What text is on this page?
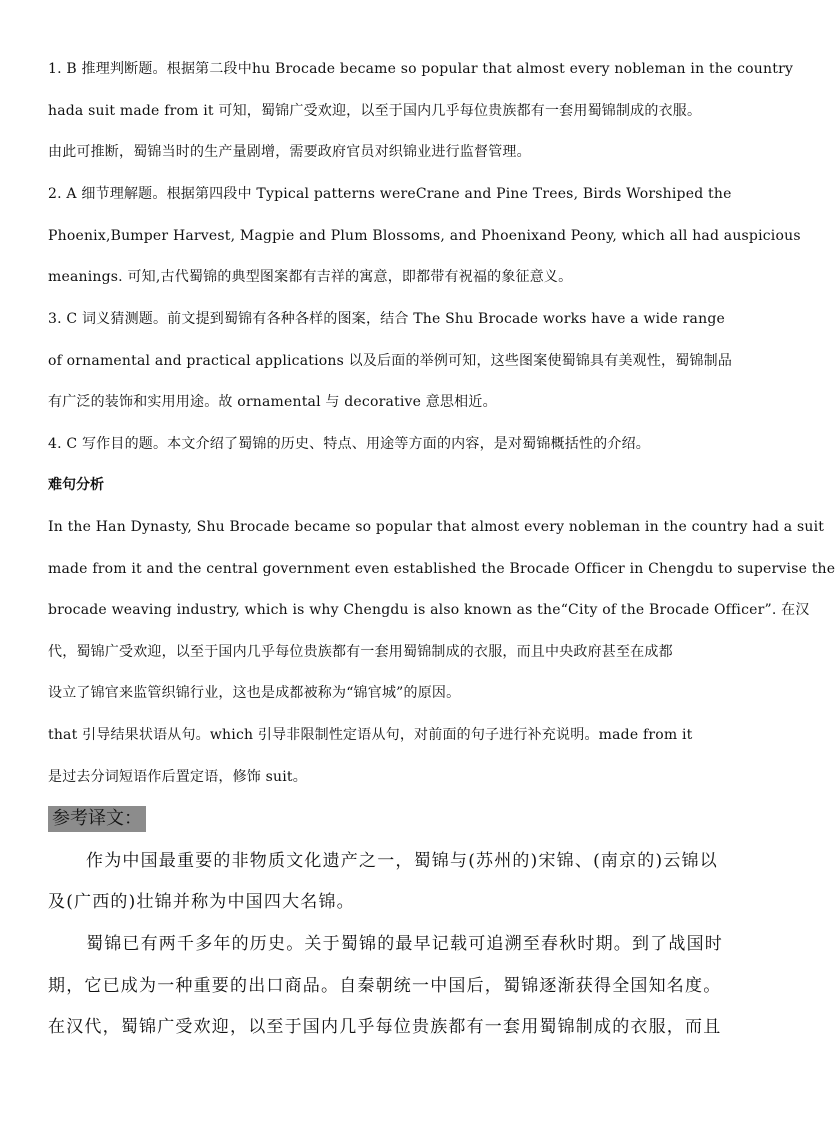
1. B 推理判断题。根据第二段中hu Brocade became so popular that almost every nobleman in the country
hada suit made from it 可知，蜀锦广受欢迎，以至于国内几乎每位贵族都有一套用蜀锦制成的衣服。
由此可推断，蜀锦当时的生产量剧增，需要政府官员对织锦业进行监督管理。
2. A 细节理解题。根据第四段中 Typical patterns wereCrane and Pine Trees, Birds Worshiped the
Phoenix,Bumper Harvest, Magpie and Plum Blossoms, and Phoenixand Peony, which all had auspicious
meanings. 可知,古代蜀锦的典型图案都有吉祥的寓意，即都带有祝福的象征意义。
3. C 词义猜测题。前文提到蜀锦有各种各样的图案，结合 The Shu Brocade works have a wide range
of ornamental and practical applications 以及后面的举例可知，这些图案使蜀锦具有美观性，蜀锦制品
有广泛的装饰和实用用途。故 ornamental 与 decorative 意思相近。
4. C 写作目的题。本文介绍了蜀锦的历史、特点、用途等方面的内容，是对蜀锦概括性的介绍。
难句分析
In the Han Dynasty, Shu Brocade became so popular that almost every nobleman in the country had a suit
made from it and the central government even established the Brocade Officer in Chengdu to supervise the
brocade weaving industry, which is why Chengdu is also known as the“City of the Brocade Officer”. 在汉
代，蜀锦广受欢迎，以至于国内几乎每位贵族都有一套用蜀锦制成的衣服，而且中央政府甚至在成都
设立了锦官来监管织锦行业，这也是成都被称为“锦官城”的原因。
that 引导结果状语从句。which 引导非限制性定语从句，对前面的句子进行补充说明。made from it
是过去分词短语作后置定语，修饰 suit。
参考译文：
作为中国最重要的非物质文化遗产之一，蜀锦与(苏州的)宋锦、(南京的)云锦以
及(广西的)壮锦并称为中国四大名锦。
蜀锦已有两千多年的历史。关于蜀锦的最早记载可追溯至春秋时期。到了战国时
期，它已成为一种重要的出口商品。自秦朝统一中国后，蜀锦逐渐获得全国知名度。
在汉代，蜀锦广受欢迎，以至于国内几乎每位贵族都有一套用蜀锦制成的衣服，而且
